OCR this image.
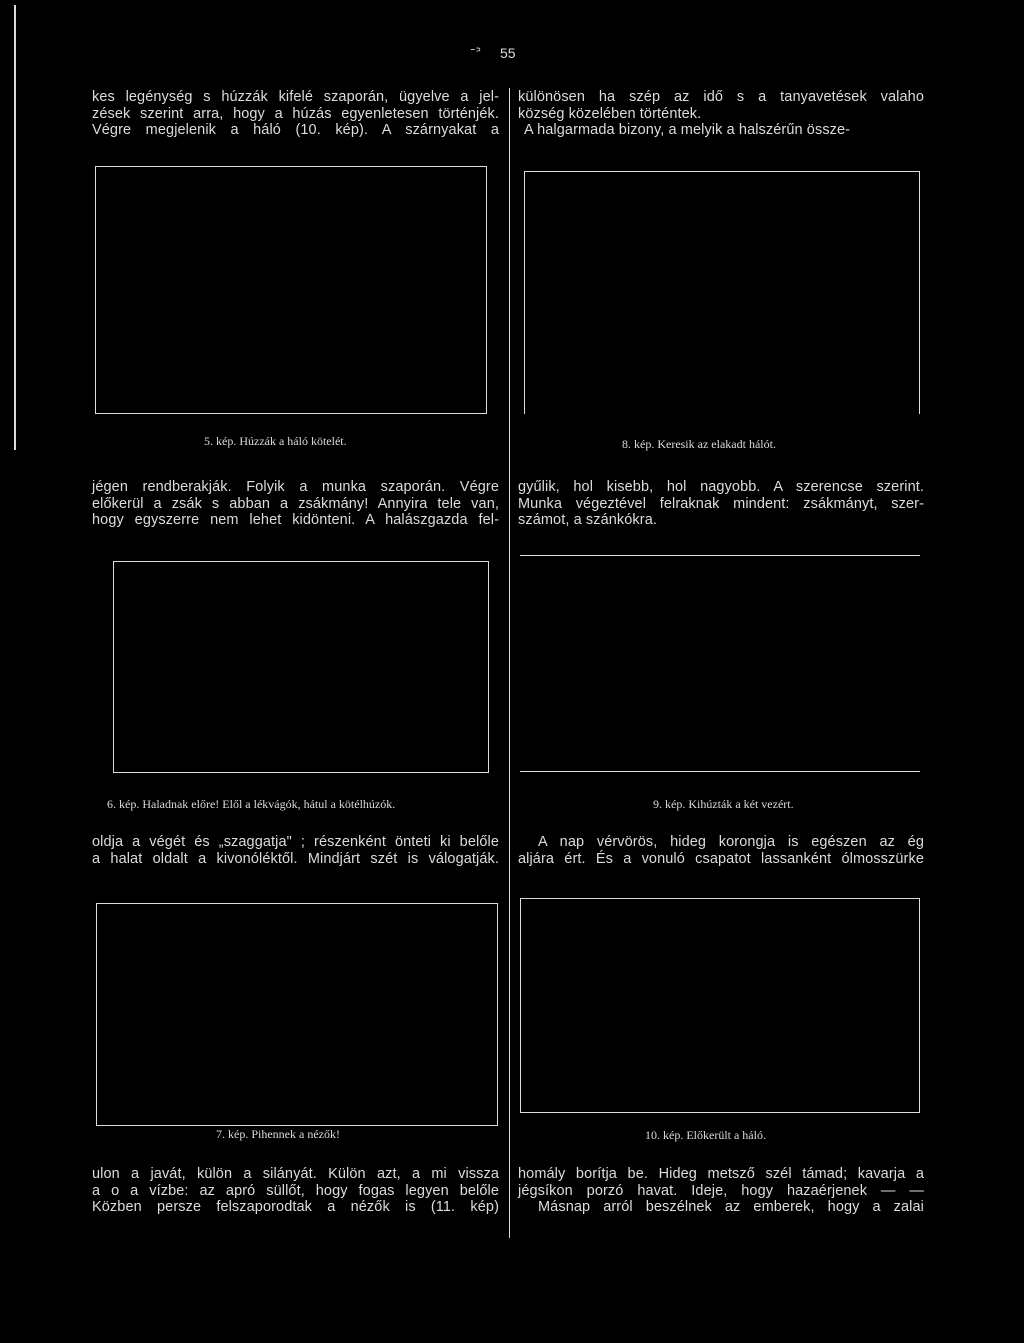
ᐨᐣ 55
kes legénység s húzzák kifelé szaporán, ügyelve a jel-
zések szerint arra, hogy a húzás egyenletesen történjék.
Végre megjelenik a háló (10. kép). A szárnyakat a
5. kép. Húzzák a háló kötelét.
jégen rendberakják. Folyik a munka szaporán. Végre
előkerül a zsák s abban a zsákmány! Annyira tele van,
hogy egyszerre nem lehet kidönteni. A halászgazda fel-
6. kép. Haladnak előre! Elől a lékvágók, hátul a kötélhúzók.
oldja a végét és „szaggatja" ; részenként önteti ki belőle
a halat oldalt a kivonóléktől. Mindjárt szét is válogatják.
7. kép. Pihennek a nézők!
ulon a javát, külön a silányát. Külön azt, a mi vissza
a o a vízbe: az apró süllőt, hogy fogas legyen belőle
Közben persze felszaporodtak a nézők is (11. kép)
különösen ha szép az idő s a tanyavetések valaho
község közelében történtek.
A halgarmada bizony, a melyik a halszérűn össze-
8. kép. Keresik az elakadt hálót.
gyűlik, hol kisebb, hol nagyobb. A szerencse szerint.
Munka végeztével felraknak mindent: zsákmányt, szer-
számot, a szánkókra.
9. kép. Kihúzták a két vezért.
A nap vérvörös, hideg korongja is egészen az ég
aljára ért. És a vonuló csapatot lassanként ólmosszürke
10. kép. Előkerült a háló.
homály borítja be. Hideg metsző szél támad; kavarja a
jégsíkon porzó havat. Ideje, hogy hazaérjenek — —
Másnap arról beszélnek az emberek, hogy a zalai
